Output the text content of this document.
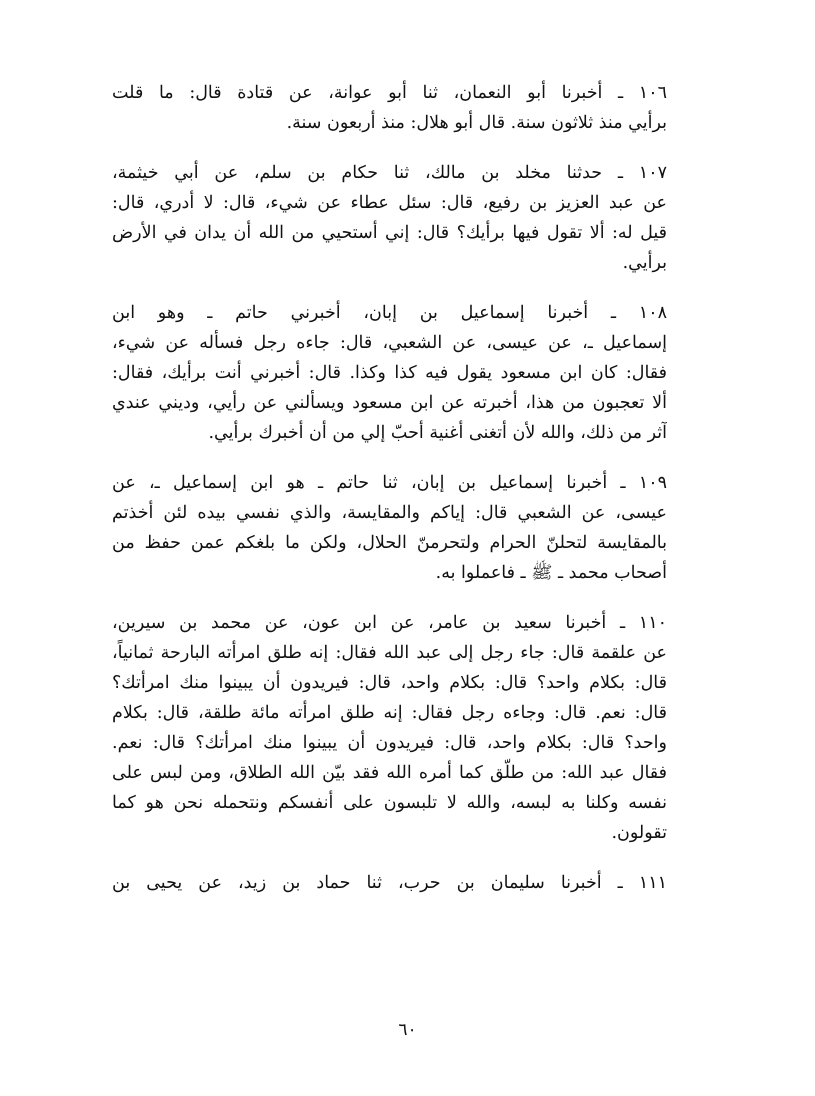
١٠٦ ـ أخبرنا أبو النعمان، ثنا أبو عوانة، عن قتادة قال: ما قلت
برأيي منذ ثلاثون سنة. قال أبو هلال: منذ أربعون سنة.
١٠٧ ـ حدثنا مخلد بن مالك، ثنا حكام بن سلم، عن أبي خيثمة،
عن عبد العزيز بن رفيع، قال: سئل عطاء عن شيء، قال: لا أدري، قال:
قيل له: ألا تقول فيها برأيك؟ قال: إني أستحيي من الله أن يدان في الأرض
برأيي.
١٠٨ ـ أخبرنا إسماعيل بن إبان، أخبرني حاتم ـ وهو ابن
إسماعيل ـ، عن عيسى، عن الشعبي، قال: جاءه رجل فسأله عن شيء،
فقال: كان ابن مسعود يقول فيه كذا وكذا. قال: أخبرني أنت برأيك، فقال:
ألا تعجبون من هذا، أخبرته عن ابن مسعود ويسألني عن رأيي، وديني عندي
آثر من ذلك، والله لأن أتغنى أغنية أحبّ إلي من أن أخبرك برأيي.
١٠٩ ـ أخبرنا إسماعيل بن إبان، ثنا حاتم ـ هو ابن إسماعيل ـ، عن
عيسى، عن الشعبي قال: إياكم والمقايسة، والذي نفسي بيده لئن أخذتم
بالمقايسة لتحلنّ الحرام ولتحرمنّ الحلال، ولكن ما بلغكم عمن حفظ من
أصحاب محمد ـ ﷺ ـ فاعملوا به.
١١٠ ـ أخبرنا سعيد بن عامر، عن ابن عون، عن محمد بن سيرين،
عن علقمة قال: جاء رجل إلى عبد الله فقال: إنه طلق امرأته البارحة ثمانياً،
قال: بكلام واحد؟ قال: بكلام واحد، قال: فيريدون أن يبينوا منك امرأتك؟
قال: نعم. قال: وجاءه رجل فقال: إنه طلق امرأته مائة طلقة، قال: بكلام
واحد؟ قال: بكلام واحد، قال: فيريدون أن يبينوا منك امرأتك؟ قال: نعم.
فقال عبد الله: من طلّق كما أمره الله فقد بيّن الله الطلاق، ومن لبس على
نفسه وكلنا به لبسه، والله لا تلبسون على أنفسكم ونتحمله نحن هو كما
تقولون.
١١١ ـ أخبرنا سليمان بن حرب، ثنا حماد بن زيد، عن يحيى بن
٦٠
